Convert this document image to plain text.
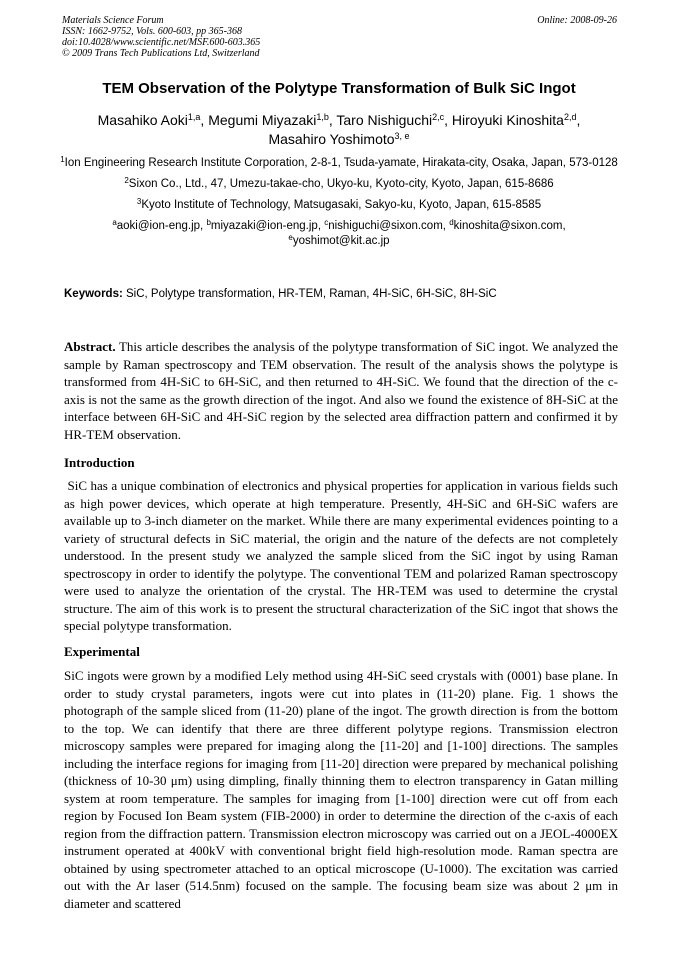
Materials Science Forum
ISSN: 1662-9752, Vols. 600-603, pp 365-368
doi:10.4028/www.scientific.net/MSF.600-603.365
© 2009 Trans Tech Publications Ltd, Switzerland
Online: 2008-09-26
TEM Observation of the Polytype Transformation of Bulk SiC Ingot
Masahiko Aoki$^{1,a}$, Megumi Miyazaki$^{1,b}$, Taro Nishiguchi$^{2,c}$, Hiroyuki Kinoshita$^{2,d}$,
Masahiro Yoshimoto$^{3, e}$

$^1$Ion Engineering Research Institute Corporation, 2-8-1, Tsuda-yamate, Hirakata-city, Osaka, Japan, 573-0128

$^2$Sixon Co., Ltd., 47, Umezu-takae-cho, Ukyo-ku, Kyoto-city, Kyoto, Japan, 615-8686

$^3$Kyoto Institute of Technology, Matsugasaki, Sakyo-ku, Kyoto, Japan, 615-8585

$^a$aoki@ion-eng.jp, $^b$miyazaki@ion-eng.jp, $^c$nishiguchi@sixon.com, $^d$kinoshita@sixon.com,
$^e$yoshimot@kit.ac.jp

Keywords: SiC, Polytype transformation, HR-TEM, Raman, 4H-SiC, 6H-SiC, 8H-SiC

Abstract. This article describes the analysis of the polytype transformation of SiC ingot. We analyzed the sample by Raman spectroscopy and TEM observation. The result of the analysis shows the polytype is transformed from 4H-SiC to 6H-SiC, and then returned to 4H-SiC. We found that the direction of the c-axis is not the same as the growth direction of the ingot. And also we found the existence of 8H-SiC at the interface between 6H-SiC and 4H-SiC region by the selected area diffraction pattern and confirmed it by HR-TEM observation.

Introduction

SiC has a unique combination of electronics and physical properties for application in various fields such as high power devices, which operate at high temperature. Presently, 4H-SiC and 6H-SiC wafers are available up to 3-inch diameter on the market. While there are many experimental evidences pointing to a variety of structural defects in SiC material, the origin and the nature of the defects are not completely understood. In the present study we analyzed the sample sliced from the SiC ingot by using Raman spectroscopy in order to identify the polytype. The conventional TEM and polarized Raman spectroscopy were used to analyze the orientation of the crystal. The HR-TEM was used to determine the crystal structure. The aim of this work is to present the structural characterization of the SiC ingot that shows the special polytype transformation.

Experimental

SiC ingots were grown by a modified Lely method using 4H-SiC seed crystals with (0001) base plane. In order to study crystal parameters, ingots were cut into plates in (11-20) plane. Fig. 1 shows the photograph of the sample sliced from (11-20) plane of the ingot. The growth direction is from the bottom to the top. We can identify that there are three different polytype regions. Transmission electron microscopy samples were prepared for imaging along the [11-20] and [1-100] directions. The samples including the interface regions for imaging from [11-20] direction were prepared by mechanical polishing (thickness of 10-30 μm) using dimpling, finally thinning them to electron transparency in Gatan milling system at room temperature. The samples for imaging from [1-100] direction were cut off from each region by Focused Ion Beam system (FIB-2000) in order to determine the direction of the c-axis of each region from the diffraction pattern. Transmission electron microscopy was carried out on a JEOL-4000EX instrument operated at 400kV with conventional bright field high-resolution mode. Raman spectra are obtained by using spectrometer attached to an optical microscope (U-1000). The excitation was carried out with the Ar laser (514.5nm) focused on the sample. The focusing beam size was about 2 μm in diameter and scattered
